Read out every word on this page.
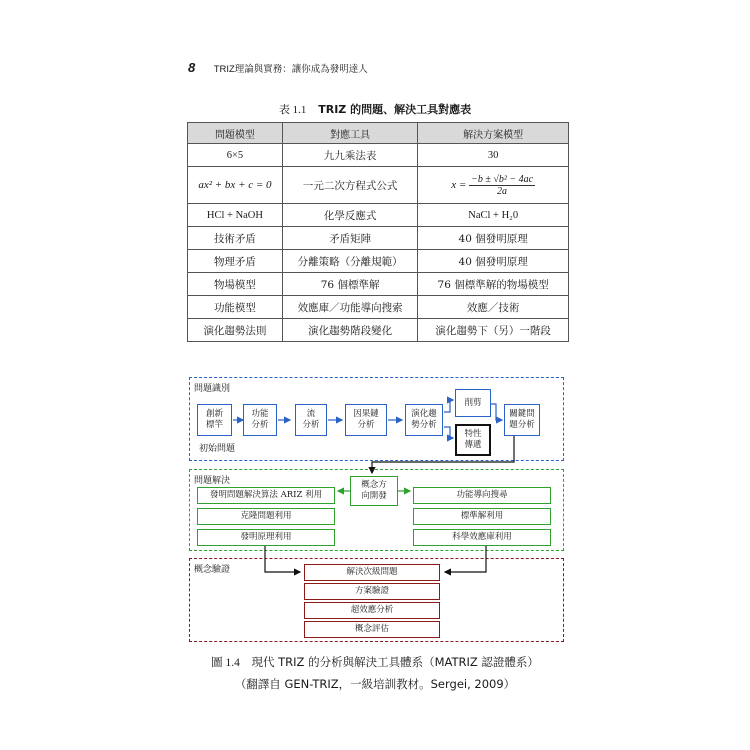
8 TRIZ理論與實務：讓你成為發明達人
表 1.1 TRIZ 的問題、解決工具對應表
問題模型	對應工具	解決方案模型
6×5	九九乘法表	30
ax² + bx + c = 0	一元二次方程式公式	$x = \frac{\text{−b ± √b² − 4ac}}{2a}$

HCl + NaOH	化學反應式	NaCl + H₂0
技術矛盾	矛盾矩陣	40 個發明原理
物理矛盾	分離策略（分離規範）	40 個發明原理
物場模型	76 個標準解	76 個標準解的物場模型
功能模型	效應庫／功能導向搜索	效應／技術
演化趨勢法則	演化趨勢階段變化	演化趨勢下（另）一階段
問題識別
初始問題
問題解決
概念驗證
創新
標竿
功能
分析
流
分析
因果鏈
分析
演化趨
勢分析
削剪
特性
傳遞
關鍵問
題分析
概念方
向開發
發明問題解決算法 ARIZ 利用
克隆問題利用
發明原理利用
功能導向搜尋
標準解利用
科學效應庫利用
解決次級問題
方案驗證
超效應分析
概念評估
圖 1.4 現代 TRIZ 的分析與解決工具體系（MATRIZ 認證體系）
（翻譯自 GEN-TRIZ，一級培訓教材。Sergei, 2009）
